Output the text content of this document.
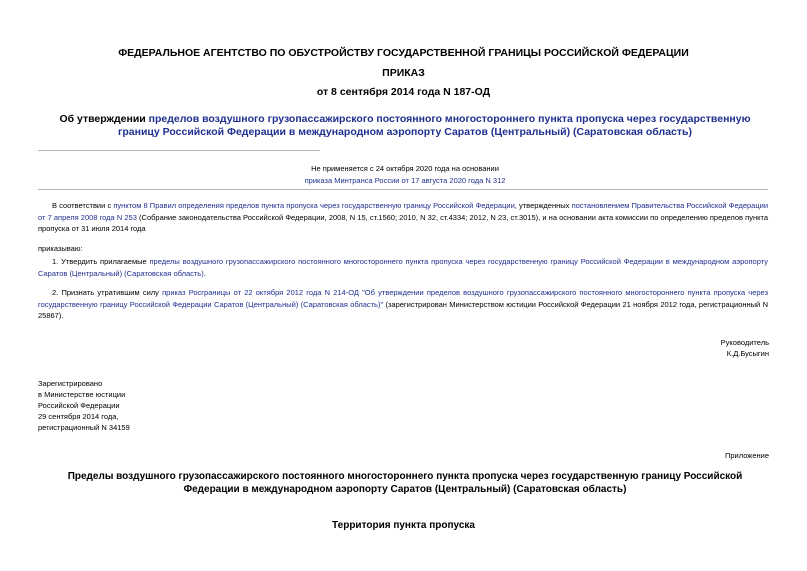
ФЕДЕРАЛЬНОЕ АГЕНТСТВО ПО ОБУСТРОЙСТВУ ГОСУДАРСТВЕННОЙ ГРАНИЦЫ РОССИЙСКОЙ ФЕДЕРАЦИИ
ПРИКАЗ
от 8 сентября 2014 года N 187-ОД
Об утверждении пределов воздушного грузопассажирского постоянного многостороннего пункта пропуска через государственную границу Российской Федерации в международном аэропорту Саратов (Центральный) (Саратовская область)
Не применяется с 24 октября 2020 года на основании
приказа Минтранса России от 17 августа 2020 года N 312
В соответствии с пунктом 8 Правил определения пределов пункта пропуска через государственную границу Российской Федерации, утвержденных постановлением Правительства Российской Федерации от 7 апреля 2008 года N 253 (Собрание законодательства Российской Федерации, 2008, N 15, ст.1560; 2010, N 32, ст.4334; 2012, N 23, ст.3015), и на основании акта комиссии по определению пределов пункта пропуска от 31 июля 2014 года
приказываю:
1. Утвердить прилагаемые пределы воздушного грузопассажирского постоянного многостороннего пункта пропуска через государственную границу Российской Федерации в международном аэропорту Саратов (Центральный) (Саратовская область).
2. Признать утратившим силу приказ Росграницы от 22 октября 2012 года N 214-ОД "Об утверждении пределов воздушного грузопассажирского постоянного многостороннего пункта пропуска через государственную границу Российской Федерации Саратов (Центральный) (Саратовская область)" (зарегистрирован Министерством юстиции Российской Федерации 21 ноября 2012 года, регистрационный N 25867).
Руководитель
К.Д.Бусыгин
Зарегистрировано
в Министерстве юстиции
Российской Федерации
29 сентября 2014 года,
регистрационный N 34159
Приложение
Пределы воздушного грузопассажирского постоянного многостороннего пункта пропуска через государственную границу Российской Федерации в международном аэропорту Саратов (Центральный) (Саратовская область)
Территория пункта пропуска
